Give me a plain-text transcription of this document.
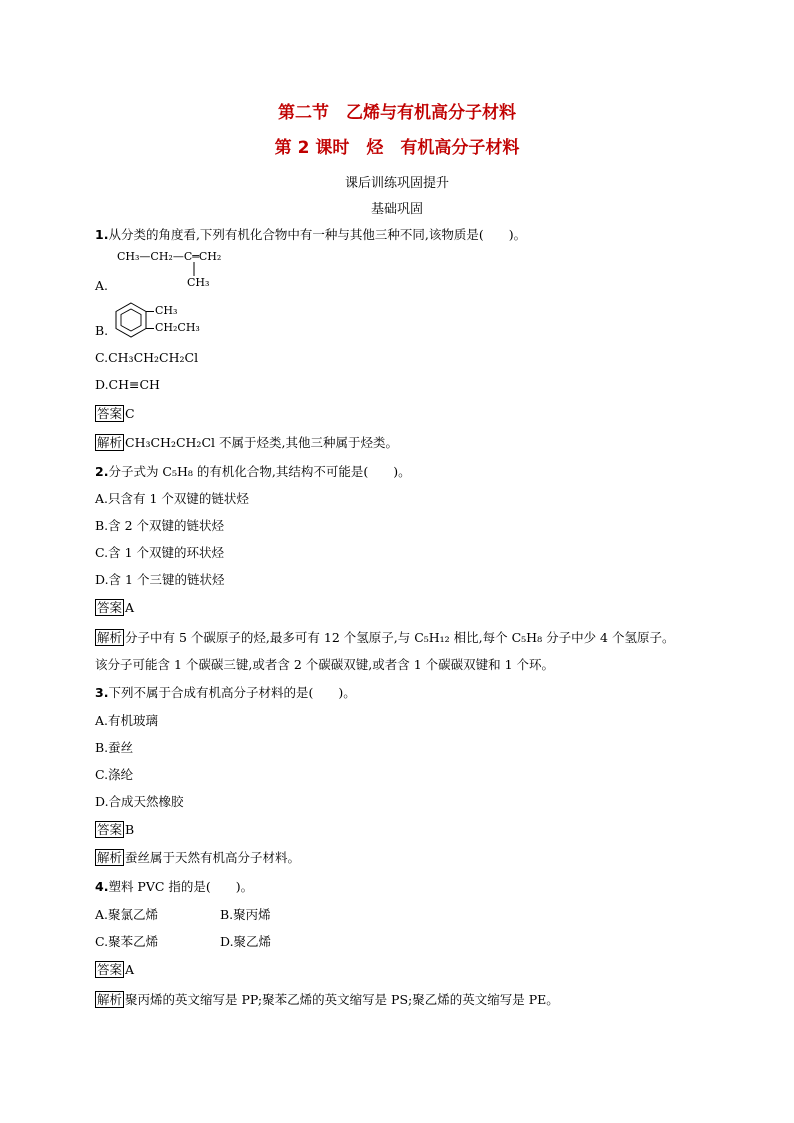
第二节　乙烯与有机高分子材料
第 2 课时　烃　有机高分子材料
课后训练巩固提升
基础巩固
1.从分类的角度看,下列有机化合物中有一种与其他三种不同,该物质是(　　)。
A.
CH₃—CH₂—C═CH₂
CH₃
B.
CH₃
CH₂CH₃
C.CH₃CH₂CH₂Cl
D.CH≡CH
答案 C
解析 CH₃CH₂CH₂Cl 不属于烃类,其他三种属于烃类。
2.分子式为 C₅H₈ 的有机化合物,其结构不可能是(　　)。
A.只含有 1 个双键的链状烃
B.含 2 个双键的链状烃
C.含 1 个双键的环状烃
D.含 1 个三键的链状烃
答案 A
解析 分子中有 5 个碳原子的烃,最多可有 12 个氢原子,与 C₅H₁₂ 相比,每个 C₅H₈ 分子中少 4 个氢原子。
该分子可能含 1 个碳碳三键,或者含 2 个碳碳双键,或者含 1 个碳碳双键和 1 个环。
3.下列不属于合成有机高分子材料的是(　　)。
A.有机玻璃
B.蚕丝
C.涤纶
D.合成天然橡胶
答案 B
解析 蚕丝属于天然有机高分子材料。
4.塑料 PVC 指的是(　　)。
A.聚氯乙烯	B.聚丙烯
C.聚苯乙烯	D.聚乙烯
答案 A
解析 聚丙烯的英文缩写是 PP;聚苯乙烯的英文缩写是 PS;聚乙烯的英文缩写是 PE。
